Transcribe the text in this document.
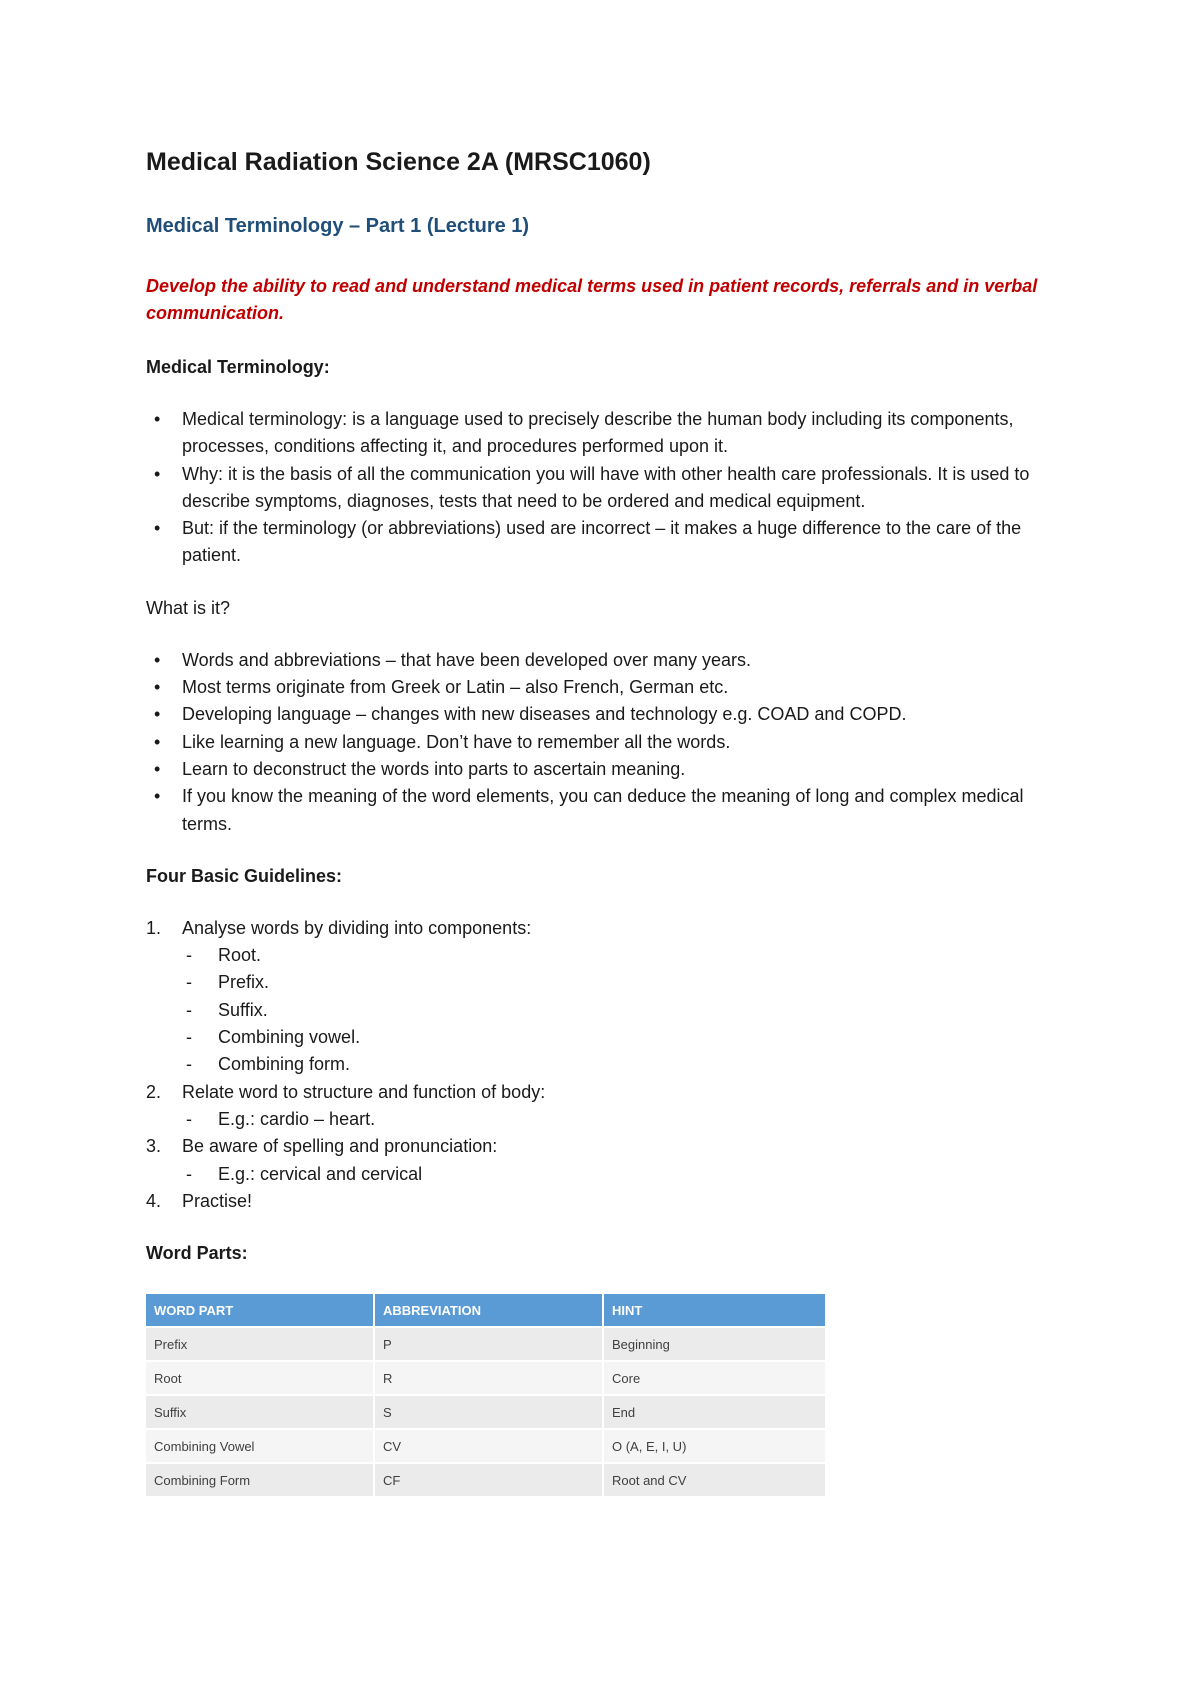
Medical Radiation Science 2A (MRSC1060)
Medical Terminology – Part 1 (Lecture 1)
Develop the ability to read and understand medical terms used in patient records, referrals and in verbal communication.
Medical Terminology:
• Medical terminology: is a language used to precisely describe the human body including its components, processes, conditions affecting it, and procedures performed upon it.
• Why: it is the basis of all the communication you will have with other health care professionals. It is used to describe symptoms, diagnoses, tests that need to be ordered and medical equipment.
• But: if the terminology (or abbreviations) used are incorrect – it makes a huge difference to the care of the patient.
What is it?
• Words and abbreviations – that have been developed over many years.
• Most terms originate from Greek or Latin – also French, German etc.
• Developing language – changes with new diseases and technology e.g. COAD and COPD.
• Like learning a new language. Don’t have to remember all the words.
• Learn to deconstruct the words into parts to ascertain meaning.
• If you know the meaning of the word elements, you can deduce the meaning of long and complex medical terms.
Four Basic Guidelines:
1. Analyse words by dividing into components:
- Root.
- Prefix.
- Suffix.
- Combining vowel.
- Combining form.
2. Relate word to structure and function of body:
- E.g.: cardio – heart.
3. Be aware of spelling and pronunciation:
- E.g.: cervical and cervical
4. Practise!
Word Parts:
WORD PART	ABBREVIATION	HINT
Prefix	P	Beginning
Root	R	Core
Suffix	S	End
Combining Vowel	CV	O (A, E, I, U)
Combining Form	CF	Root and CV
